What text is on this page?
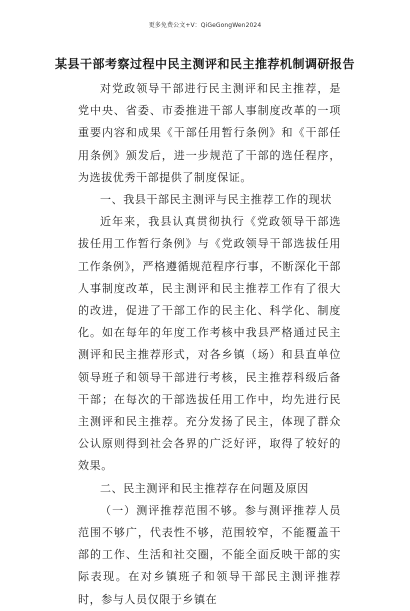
更多免费公文+V：QiGeGongWen2024
某县干部考察过程中民主测评和民主推荐机制调研报告

对党政领导干部进行民主测评和民主推荐，是党中央、省委、市委推进干部人事制度改革的一项重要内容和成果《干部任用暂行条例》和《干部任用条例》颁发后，进一步规范了干部的选任程序，为选拔优秀干部提供了制度保证。

一、我县干部民主测评与民主推荐工作的现状

近年来，我县认真贯彻执行《党政领导干部选拔任用工作暂行条例》与《党政领导干部选拔任用工作条例》，严格遵循规范程序行事，不断深化干部人事制度改革，民主测评和民主推荐工作有了很大的改进，促进了干部工作的民主化、科学化、制度化。如在每年的年度工作考核中我县严格通过民主测评和民主推荐形式，对各乡镇（场）和县直单位领导班子和领导干部进行考核，民主推荐科级后备干部；在每次的干部选拔任用工作中，均先进行民主测评和民主推荐。充分发扬了民主，体现了群众公认原则得到社会各界的广泛好评，取得了较好的效果。

二、民主测评和民主推荐存在问题及原因

（一）测评推荐范围不够。参与测评推荐人员范围不够广，代表性不够，范围较窄，不能覆盖干部的工作、生活和社交圈，不能全面反映干部的实际表现。在对乡镇班子和领导干部民主测评推荐时，参与人员仅限于乡镇在
